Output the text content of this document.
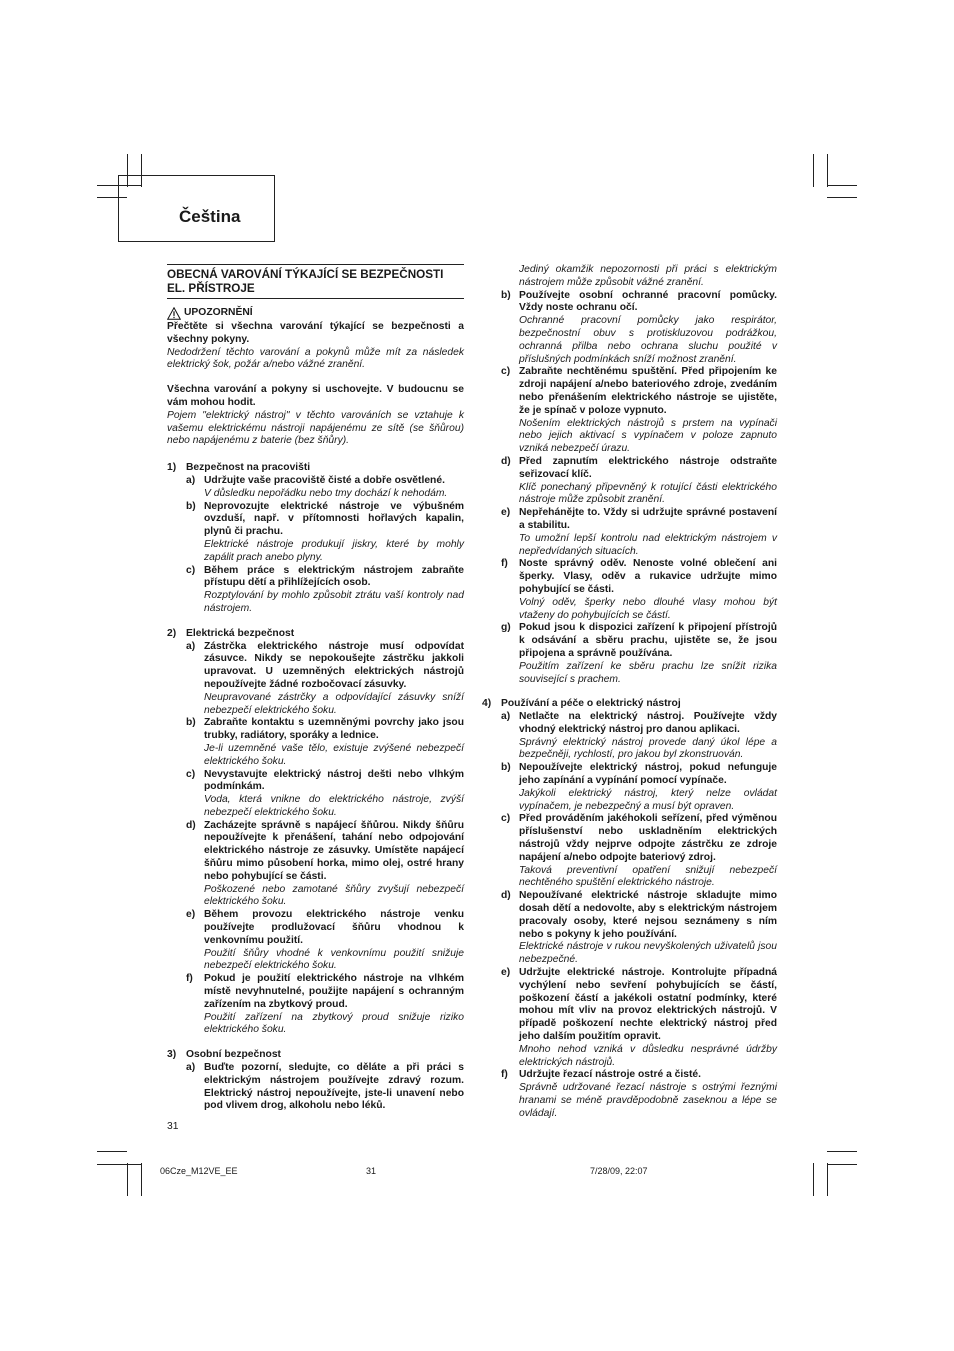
Čeština
OBECNÁ VAROVÁNÍ TÝKAJÍCÍ SE BEZPEČNOSTI EL. PŘÍSTROJE
UPOZORNĚNÍ

Přečtěte si všechna varování týkající se bezpečnosti a všechny pokyny.

Nedodržení těchto varování a pokynů může mít za následek elektrický šok, požár a/nebo vážné zranění.

Všechna varování a pokyny si uschovejte. V budoucnu se vám mohou hodit.

Pojem "elektrický nástroj" v těchto varováních se vztahuje k vašemu elektrickému nástroji napájenému ze sítě (se šňůrou) nebo napájenému z baterie (bez šňůry).

1) Bezpečnost na pracovišti
a) Udržujte vaše pracoviště čisté a dobře osvětlené.

V důsledku nepořádku nebo tmy dochází k nehodám.

b) Neprovozujte elektrické nástroje ve výbušném ovzduší, např. v přítomnosti hořlavých kapalin, plynů či prachu.

Elektrické nástroje produkují jiskry, které by mohly zapálit prach anebo plyny.

c) Během práce s elektrickým nástrojem zabraňte přístupu dětí a přihlížejících osob.

Rozptylování by mohlo způsobit ztrátu vaší kontroly nad nástrojem.

2) Elektrická bezpečnost
a) Zástrčka elektrického nástroje musí odpovídat zásuvce. Nikdy se nepokoušejte zástrčku jakkoli upravovat. U uzemněných elektrických nástrojů nepoužívejte žádné rozbočovací zásuvky.

Neupravované zástrčky a odpovídající zásuvky sníží nebezpečí elektrického šoku.

b) Zabraňte kontaktu s uzemněnými povrchy jako jsou trubky, radiátory, sporáky a lednice.

Je-li uzemněné vaše tělo, existuje zvýšené nebezpečí elektrického šoku.

c) Nevystavujte elektrický nástroj dešti nebo vlhkým podmínkám.

Voda, která vnikne do elektrického nástroje, zvýší nebezpečí elektrického šoku.

d) Zacházejte správně s napájecí šňůrou. Nikdy šňůru nepoužívejte k přenášení, tahání nebo odpojování elektrického nástroje ze zásuvky. Umístěte napájecí šňůru mimo působení horka, mimo olej, ostré hrany nebo pohybující se části.

Poškozené nebo zamotané šňůry zvyšují nebezpečí elektrického šoku.

e) Během provozu elektrického nástroje venku používejte prodlužovací šňůru vhodnou k venkovnímu použití.

Použití šňůry vhodné k venkovnímu použití snižuje nebezpečí elektrického šoku.

f)	Pokud je použití elektrického nástroje na vlhkém místě nevyhnutelné, použijte napájení s ochranným zařízením na zbytkový proud.

Použití zařízení na zbytkový proud snižuje riziko elektrického šoku.

3) Osobní bezpečnost
a) Buďte pozorní, sledujte, co děláte a při práci s elektrickým nástrojem používejte zdravý rozum. Elektrický nástroj nepoužívejte, jste-li unavení nebo pod vlivem drog, alkoholu nebo léků.

Jediný okamžik nepozornosti při práci s elektrickým nástrojem může způsobit vážné zranění.

b) Používejte osobní ochranné pracovní pomůcky. Vždy noste ochranu očí.

Ochranné pracovní pomůcky jako respirátor, bezpečnostní obuv s protiskluzovou podrážkou, ochranná přilba nebo ochrana sluchu použité v příslušných podmínkách sníží možnost zranění.

c) Zabraňte nechtěnému spuštění. Před připojením ke zdroji napájení a/nebo bateriového zdroje, zvedáním nebo přenášením elektrického nástroje se ujistěte, že je spínač v poloze vypnuto.

Nošením elektrických nástrojů s prstem na vypínači nebo jejich aktivací s vypínačem v poloze zapnuto vzniká nebezpečí úrazu.

d) Před zapnutím elektrického nástroje odstraňte seřizovací klíč.

Klíč ponechaný připevněný k rotující části elektrického nástroje může způsobit zranění.

e) Nepřehánějte to. Vždy si udržujte správné postavení a stabilitu.

To umožní lepší kontrolu nad elektrickým nástrojem v nepředvídaných situacích.

f)	Noste správný oděv. Nenoste volné oblečení ani šperky. Vlasy, oděv a rukavice udržujte mimo pohybující se části.

Volný oděv, šperky nebo dlouhé vlasy mohou být vtaženy do pohybujících se částí.

g) Pokud jsou k dispozici zařízení k připojení přístrojů k odsávání a sběru prachu, ujistěte se, že jsou připojena a správně používána.

Použitím zařízení ke sběru prachu lze snížit rizika související s prachem.

4) Používání a péče o elektrický nástroj
a) Netlačte na elektrický nástroj. Používejte vždy vhodný elektrický nástroj pro danou aplikaci.

Správný elektrický nástroj provede daný úkol lépe a bezpečněji, rychlostí, pro jakou byl zkonstruován.

b) Nepoužívejte elektrický nástroj, pokud nefunguje jeho zapínání a vypínání pomocí vypínače.

Jakýkoli elektrický nástroj, který nelze ovládat vypínačem, je nebezpečný a musí být opraven.

c) Před prováděním jakéhokoli seřízení, před výměnou příslušenství nebo uskladněním elektrických nástrojů vždy nejprve odpojte zástrčku ze zdroje napájení a/nebo odpojte bateriový zdroj.

Taková preventivní opatření snižují nebezpečí nechtěného spuštění elektrického nástroje.

d) Nepoužívané elektrické nástroje skladujte mimo dosah dětí a nedovolte, aby s elektrickým nástrojem pracovaly osoby, které nejsou seznámeny s ním nebo s pokyny k jeho používání.

Elektrické nástroje v rukou nevyškolených uživatelů jsou nebezpečné.

e) Udržujte elektrické nástroje. Kontrolujte případná vychýlení nebo sevření pohybujících se částí, poškození částí a jakékoli ostatní podmínky, které mohou mít vliv na provoz elektrických nástrojů. V případě poškození nechte elektrický nástroj před jeho dalším použitím opravit.

Mnoho nehod vzniká v důsledku nesprávné údržby elektrických nástrojů.

f)	Udržujte řezací nástroje ostré a čisté.

Správně udržované řezací nástroje s ostrými řeznými hranami se méně pravděpodobně zaseknou a lépe se ovládají.

31
06Cze_M12VE_EE	31	7/28/09, 22:07
